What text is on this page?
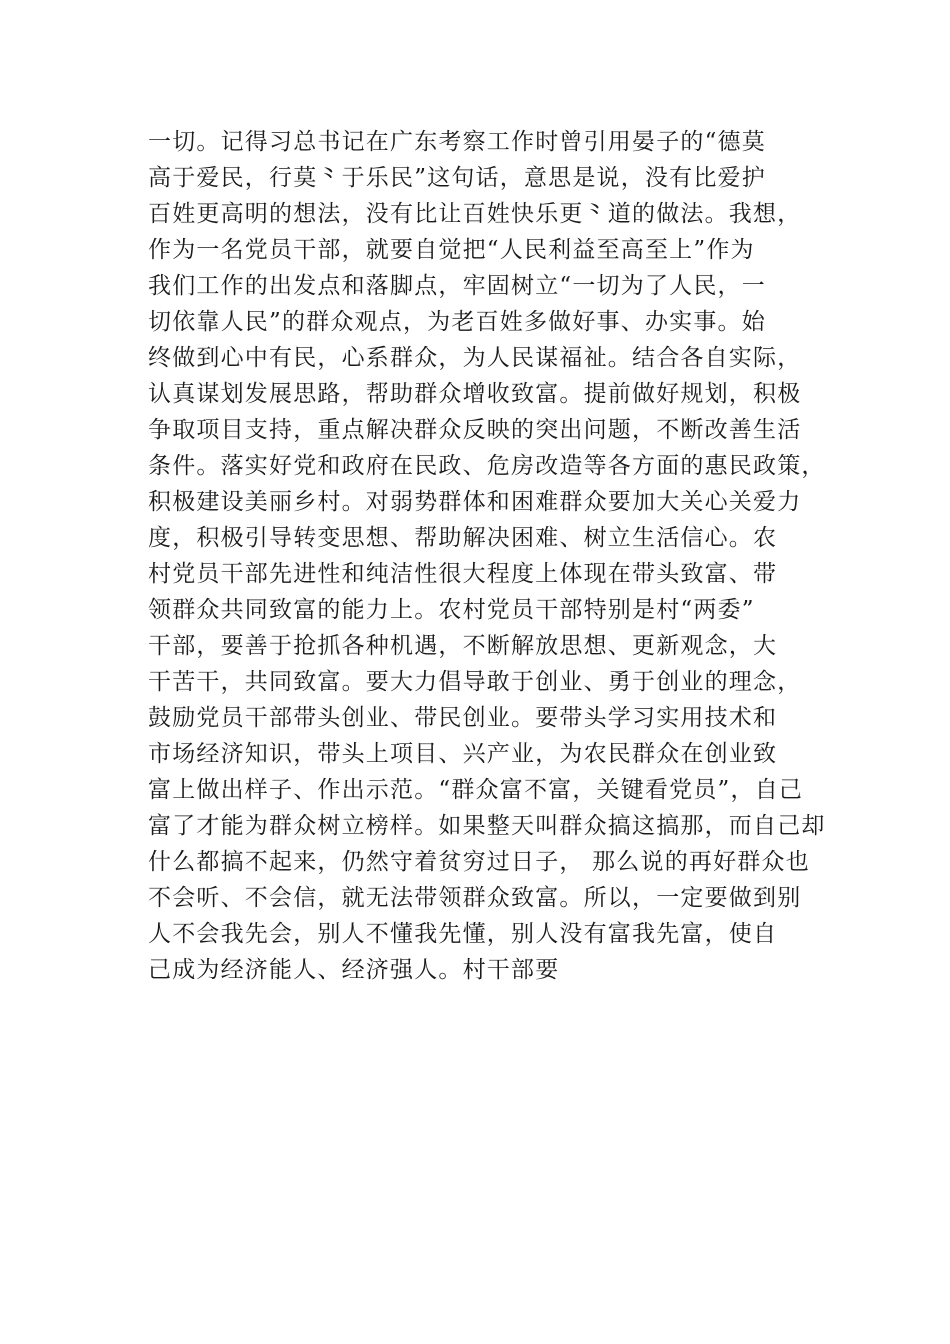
一切。记得习总书记在广东考察工作时曾引用晏子的“德莫
高于爱民，行莫⺀于乐民”这句话，意思是说，没有比爱护
百姓更高明的想法，没有比让百姓快乐更⺀道的做法。我想，
作为一名党员干部，就要自觉把“人民利益至高至上”作为
我们工作的出发点和落脚点，牢固树立“一切为了人民，一
切依靠人民”的群众观点，为老百姓多做好事、办实事。始
终做到心中有民，心系群众，为人民谋福祉。结合各自实际，
认真谋划发展思路，帮助群众增收致富。提前做好规划，积极
争取项目支持，重点解决群众反映的突出问题，不断改善生活
条件。落实好党和政府在民政、危房改造等各方面的惠民政策，
积极建设美丽乡村。对弱势群体和困难群众要加大关心关爱力
度，积极引导转变思想、帮助解决困难、树立生活信心。农
村党员干部先进性和纯洁性很大程度上体现在带头致富、带
领群众共同致富的能力上。农村党员干部特别是村“两委”
干部，要善于抢抓各种机遇，不断解放思想、更新观念，大
干苦干，共同致富。要大力倡导敢于创业、勇于创业的理念，
鼓励党员干部带头创业、带民创业。要带头学习实用技术和
市场经济知识，带头上项目、兴产业，为农民群众在创业致
富上做出样子、作出示范。“群众富不富，关键看党员”，自己
富了才能为群众树立榜样。如果整天叫群众搞这搞那，而自己却
什么都搞不起来，仍然守着贫穷过日子， 那么说的再好群众也
不会听、不会信，就无法带领群众致富。所以，一定要做到别
人不会我先会，别人不懂我先懂，别人没有富我先富，使自
己成为经济能人、经济强人。村干部要
